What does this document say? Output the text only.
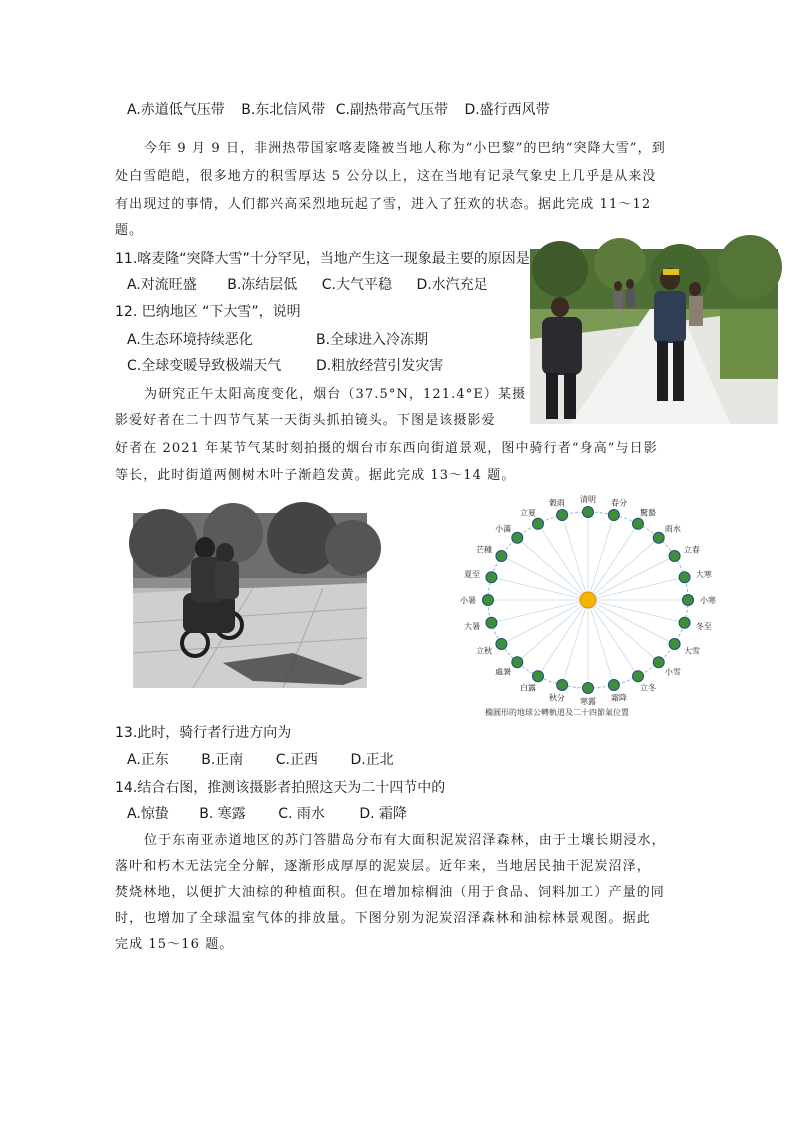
A.赤道低气压带 B.东北信风带 C.副热带高气压带 D.盛行西风带
今年 9 月 9 日，非洲热带国家喀麦隆被当地人称为“小巴黎”的巴纳“突降大雪”，到
处白雪皑皑，很多地方的积雪厚达 5 公分以上，这在当地有记录气象史上几乎是从来没
有出现过的事情，人们都兴高采烈地玩起了雪，进入了狂欢的状态。据此完成 11～12
题。
11.喀麦隆“突降大雪”十分罕见，当地产生这一现象最主要的原因是
A.对流旺盛 B.冻结层低 C.大气平稳 D.水汽充足
12. 巴纳地区 “下大雪”，说明
A.生态环境持续恶化	B.全球进入冷冻期
C.全球变暖导致极端天气 D.粗放经营引发灾害
为研究正午太阳高度变化，烟台（37.5°N，121.4°E）某摄
影爱好者在二十四节气某一天街头抓拍镜头。下图是该摄影爱
好者在 2021 年某节气某时刻拍摄的烟台市东西向街道景观，图中骑行者“身高”与日影
等长，此时街道两侧树木叶子渐趋发黄。据此完成 13～14 题。
橢圓形的地球公轉軌道及二十四節氣位置
小寒
大寒
立春
雨水
驚蟄
春分
清明
穀雨
立夏
小滿
芒種
夏至
小暑
大暑
立秋
處暑
白露
秋分 寒露 霜降
立冬
小雪
大雪
冬至
13.此时，骑行者行进方向为
A.正东 B.正南 C.正西 D.正北
14.结合右图，推测该摄影者拍照这天为二十四节中的
A.惊蛰 B. 寒露 C. 雨水 D. 霜降
位于东南亚赤道地区的苏门答腊岛分布有大面积泥炭沼泽森林，由于土壤长期浸水，
落叶和朽木无法完全分解，逐渐形成厚厚的泥炭层。近年来，当地居民抽干泥炭沼泽，
焚烧林地，以便扩大油棕的种植面积。但在增加棕榈油（用于食品、饲料加工）产量的同
时，也增加了全球温室气体的排放量。下图分别为泥炭沼泽森林和油棕林景观图。据此
完成 15～16 题。
